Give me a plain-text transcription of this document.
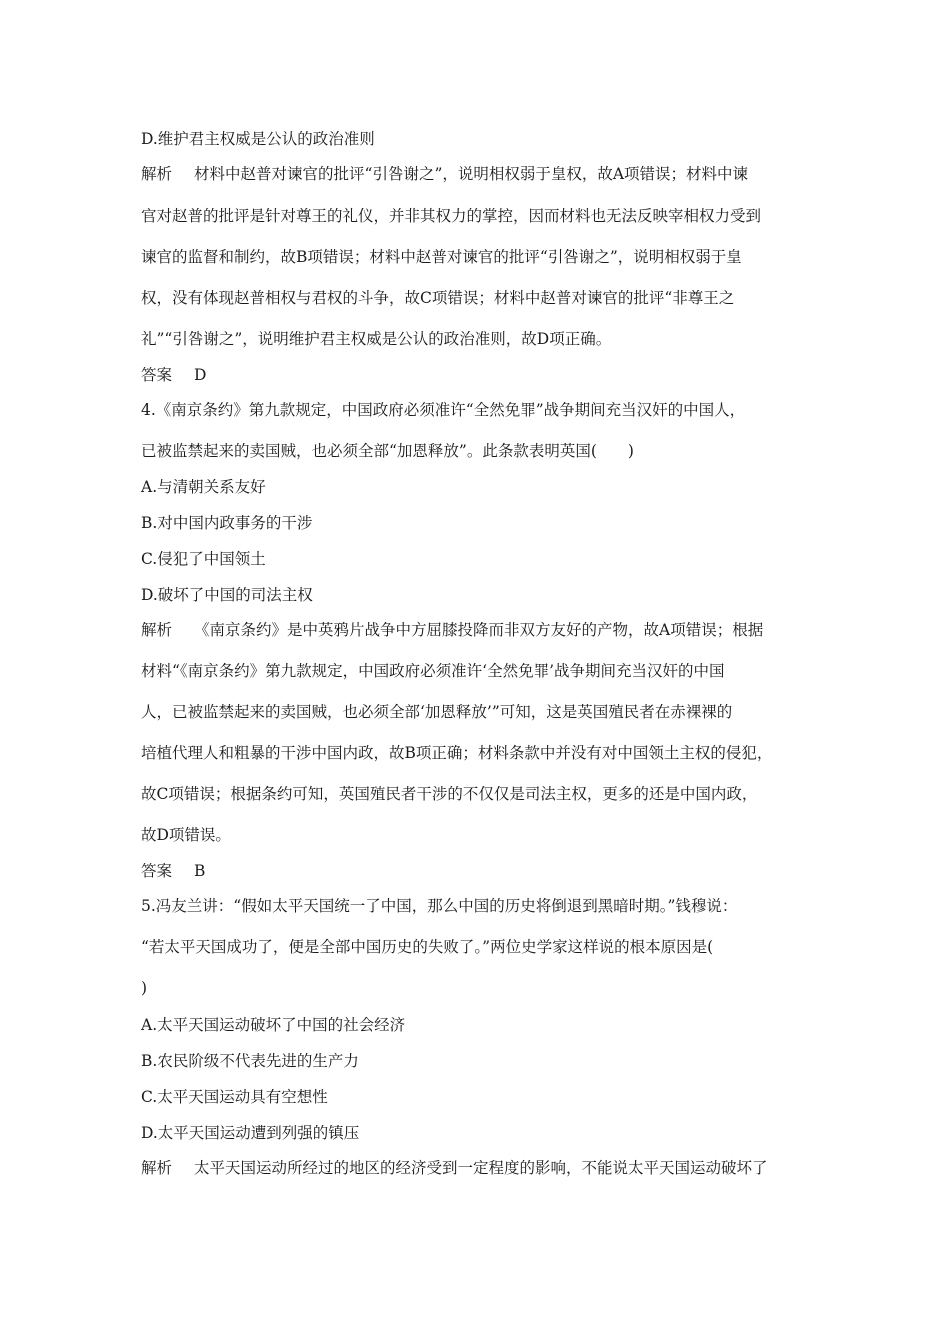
D.维护君主权威是公认的政治准则
解析 材料中赵普对谏官的批评“引咎谢之”，说明相权弱于皇权，故A项错误；材料中谏
官对赵普的批评是针对尊王的礼仪，并非其权力的掌控，因而材料也无法反映宰相权力受到
谏官的监督和制约，故B项错误；材料中赵普对谏官的批评“引咎谢之”，说明相权弱于皇
权，没有体现赵普相权与君权的斗争，故C项错误；材料中赵普对谏官的批评“非尊王之
礼”“引咎谢之”，说明维护君主权威是公认的政治准则，故D项正确。
答案 D
4.《南京条约》第九款规定，中国政府必须准许“全然免罪”战争期间充当汉奸的中国人，
已被监禁起来的卖国贼，也必须全部“加恩释放”。此条款表明英国(　　)
A.与清朝关系友好
B.对中国内政事务的干涉
C.侵犯了中国领土
D.破坏了中国的司法主权
解析 《南京条约》是中英鸦片战争中方屈膝投降而非双方友好的产物，故A项错误；根据
材料“《南京条约》第九款规定，中国政府必须准许‘全然免罪’战争期间充当汉奸的中国
人，已被监禁起来的卖国贼，也必须全部‘加恩释放’”可知，这是英国殖民者在赤裸裸的
培植代理人和粗暴的干涉中国内政，故B项正确；材料条款中并没有对中国领土主权的侵犯，
故C项错误；根据条约可知，英国殖民者干涉的不仅仅是司法主权，更多的还是中国内政，
故D项错误。
答案 B
5.冯友兰讲：“假如太平天国统一了中国，那么中国的历史将倒退到黑暗时期。”钱穆说：
“若太平天国成功了，便是全部中国历史的失败了。”两位史学家这样说的根本原因是(
)
A.太平天国运动破坏了中国的社会经济
B.农民阶级不代表先进的生产力
C.太平天国运动具有空想性
D.太平天国运动遭到列强的镇压
解析 太平天国运动所经过的地区的经济受到一定程度的影响，不能说太平天国运动破坏了
